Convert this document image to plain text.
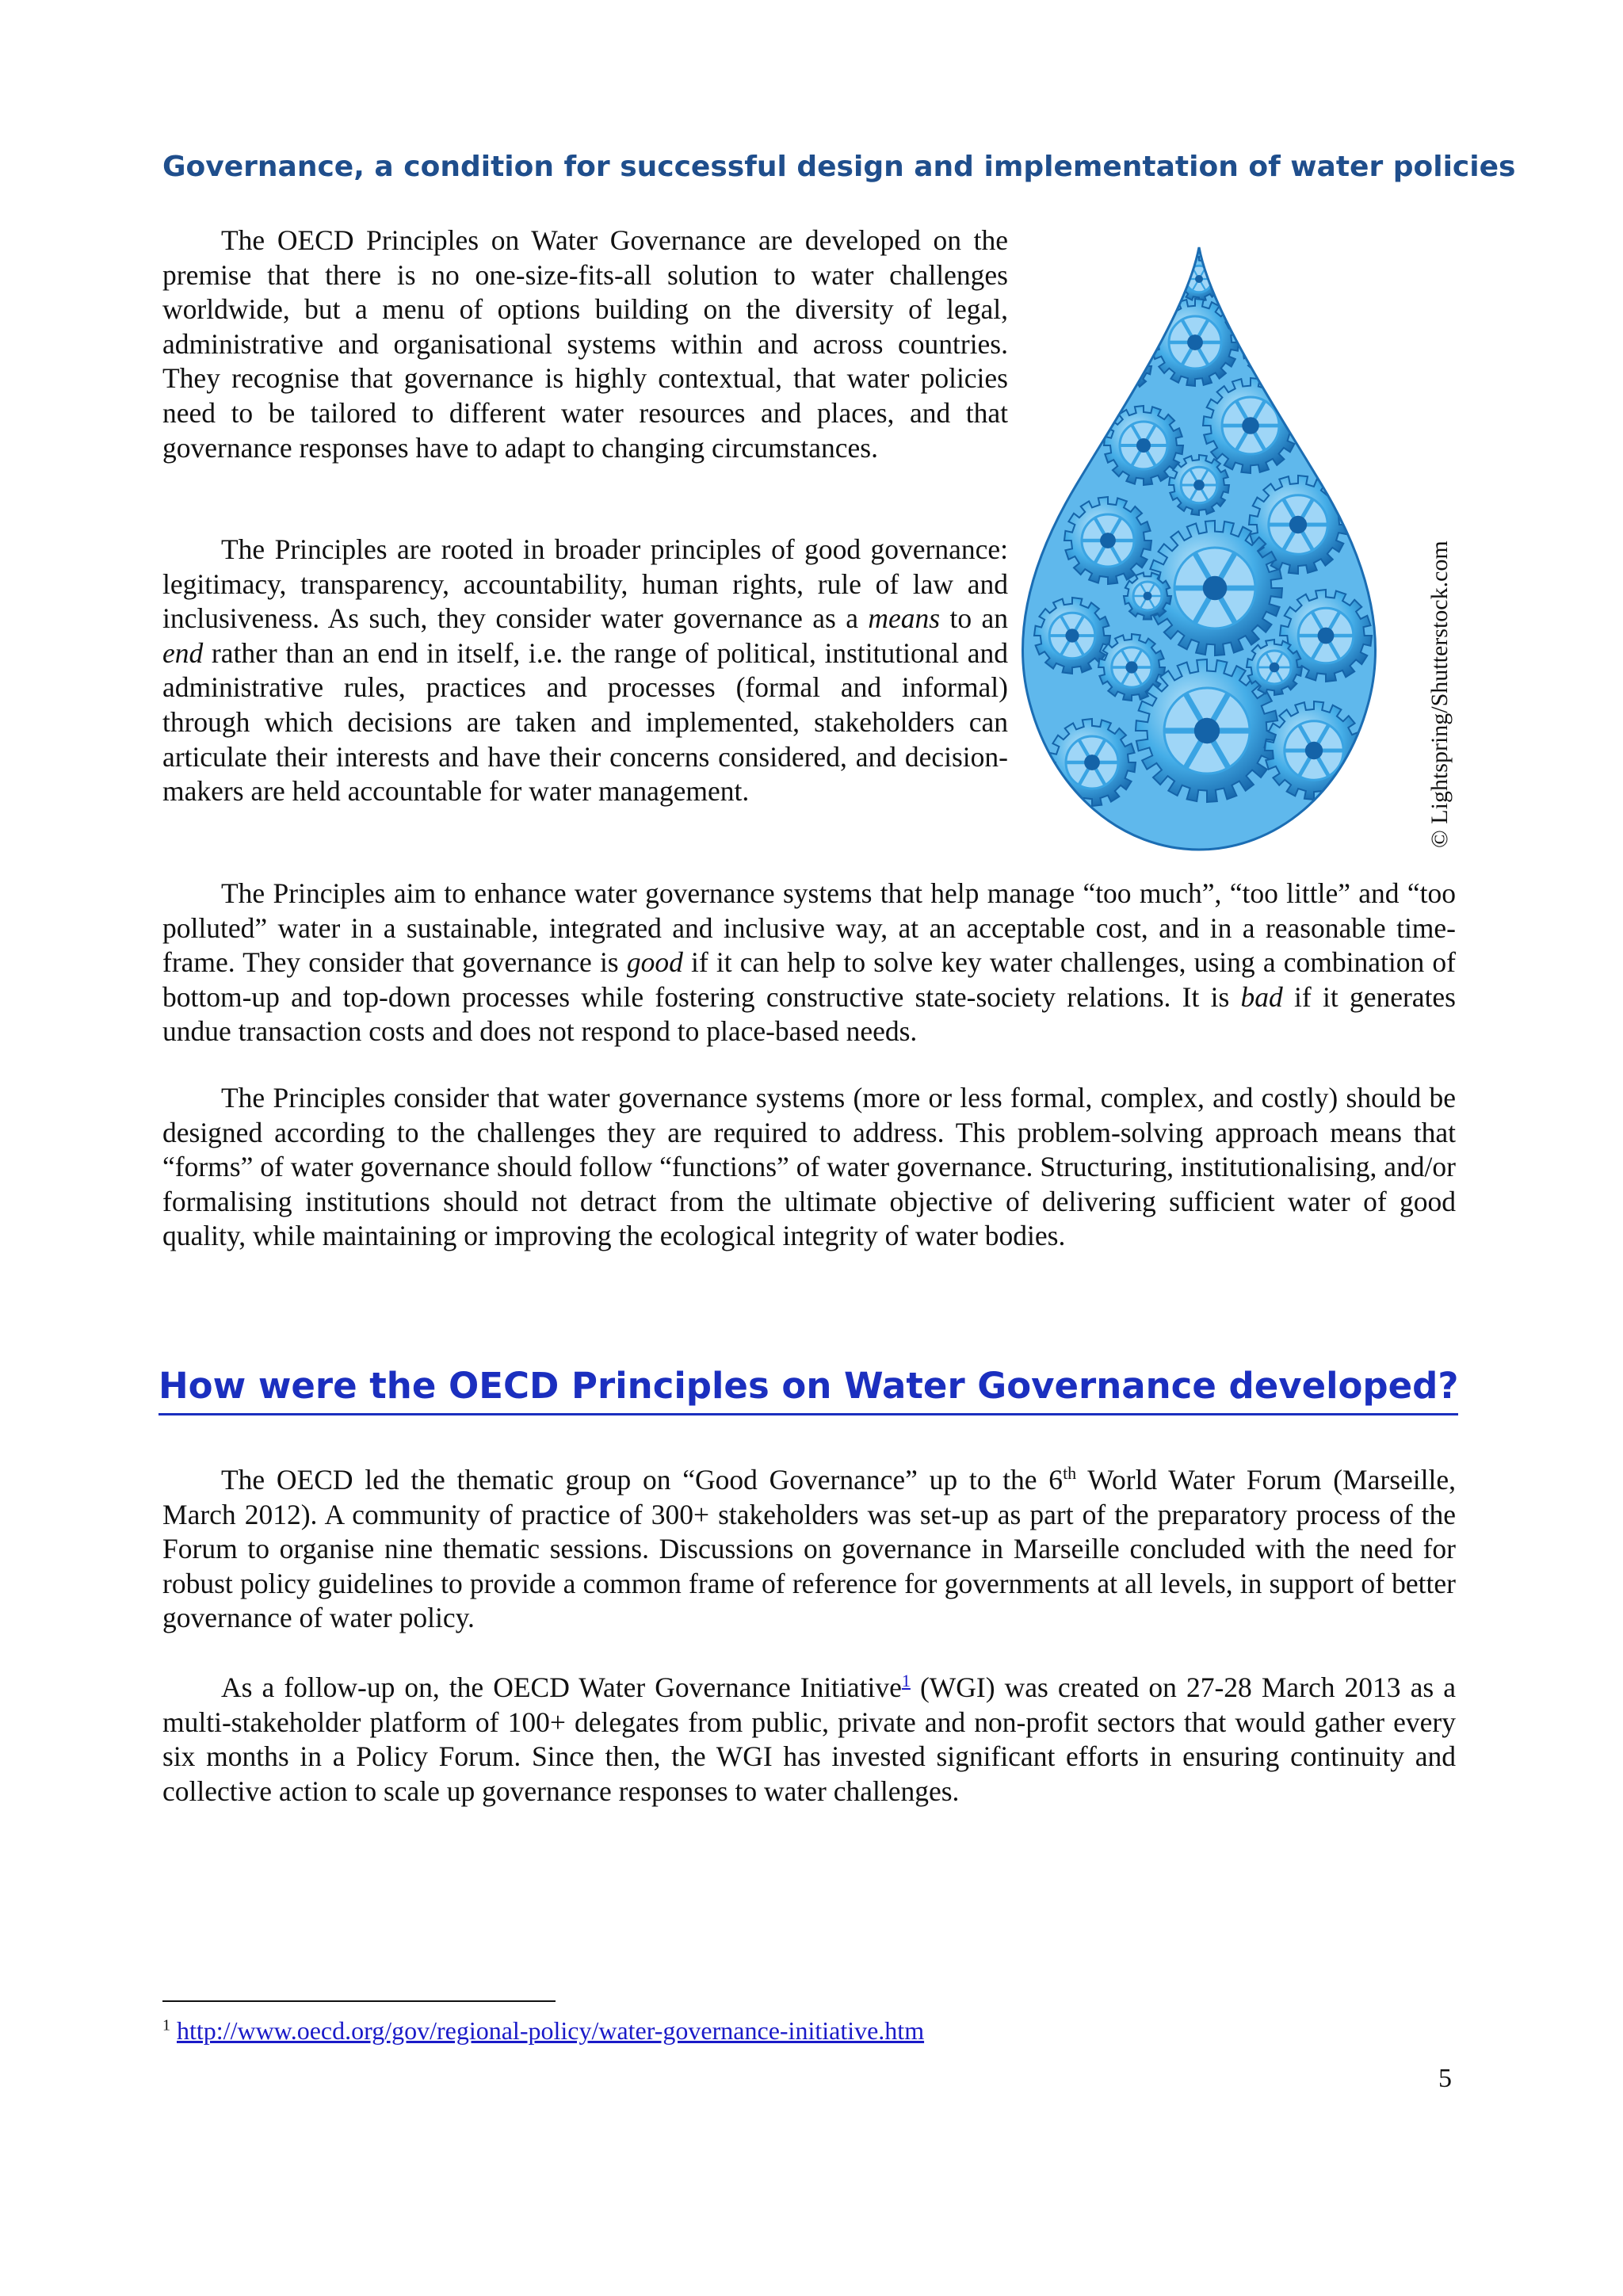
Governance, a condition for successful design and implementation of water policies

The OECD Principles on Water Governance are developed on the premise that there is no one-size-fits-all solution to water challenges worldwide, but a menu of options building on the diversity of legal, administrative and organisational systems within and across countries. They recognise that governance is highly contextual, that water policies need to be tailored to different water resources and places, and that governance responses have to adapt to changing circumstances.

The Principles are rooted in broader principles of good governance: legitimacy, transparency, accountability, human rights, rule of law and inclusiveness. As such, they consider water governance as a means to an end rather than an end in itself, i.e. the range of political, institutional and administrative rules, practices and processes (formal and informal) through which decisions are taken and implemented, stakeholders can articulate their interests and have their concerns considered, and decision-makers are held accountable for water management.	© Lightspring/Shutterstock.com

The Principles aim to enhance water governance systems that help manage “too much”, “too little” and “too polluted” water in a sustainable, integrated and inclusive way, at an acceptable cost, and in a reasonable time-frame. They consider that governance is good if it can help to solve key water challenges, using a combination of bottom-up and top-down processes while fostering constructive state-society relations. It is bad if it generates undue transaction costs and does not respond to place-based needs.

The Principles consider that water governance systems (more or less formal, complex, and costly) should be designed according to the challenges they are required to address. This problem-solving approach means that “forms” of water governance should follow “functions” of water governance. Structuring, institutionalising, and/or formalising institutions should not detract from the ultimate objective of delivering sufficient water of good quality, while maintaining or improving the ecological integrity of water bodies.

How were the OECD Principles on Water Governance developed?

The OECD led the thematic group on “Good Governance” up to the 6th World Water Forum (Marseille, March 2012). A community of practice of 300+ stakeholders was set-up as part of the preparatory process of the Forum to organise nine thematic sessions. Discussions on governance in Marseille concluded with the need for robust policy guidelines to provide a common frame of reference for governments at all levels, in support of better governance of water policy.

As a follow-up on, the OECD Water Governance Initiative$^1$ (WGI) was created on 27-28 March 2013 as a multi-stakeholder platform of 100+ delegates from public, private and non-profit sectors that would gather every six months in a Policy Forum. Since then, the WGI has invested significant efforts in ensuring continuity and collective action to scale up governance responses to water challenges.

$^1$ http://www.oecd.org/gov/regional-policy/water-governance-initiative.htm
5
